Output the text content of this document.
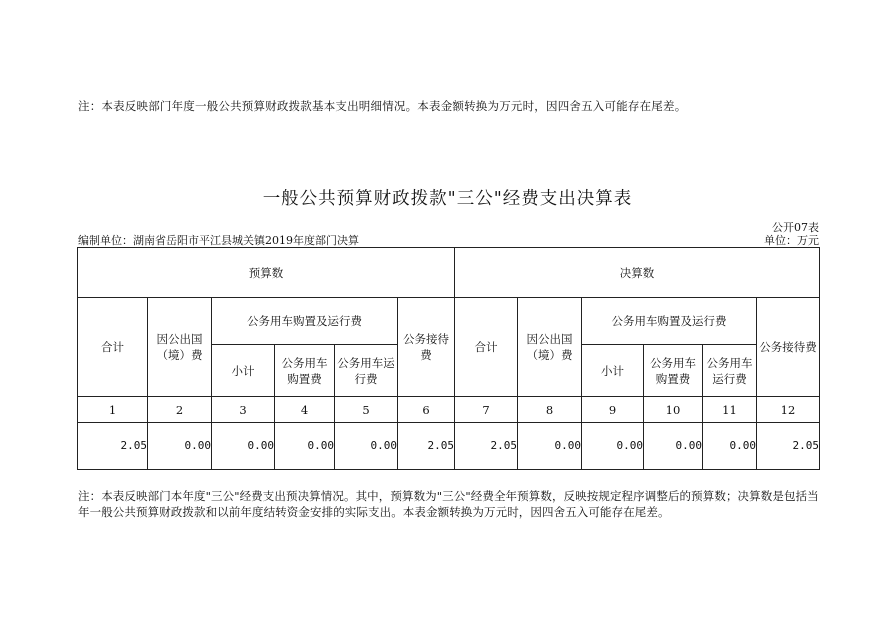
注：本表反映部门年度一般公共预算财政拨款基本支出明细情况。本表金额转换为万元时，因四舍五入可能存在尾差。
一般公共预算财政拨款"三公"经费支出决算表
公开07表
编制单位：湖南省岳阳市平江县城关镇2019年度部门决算	单位：万元
预算数						决算数					
合计	因公出国（境）费	公务用车购置及运行费			公务接待费	合计	因公出国（境）费	公务用车购置及运行费			公务接待费
		小计	公务用车购置费	公务用车运行费				小计	公务用车购置费	公务用车运行费	
1	2	3	4	5	6	7	8	9	10	11	12
2.05	0.00	0.00	0.00	0.00	2.05	2.05	0.00	0.00	0.00	0.00	2.05
注：本表反映部门本年度"三公"经费支出预决算情况。其中，预算数为"三公"经费全年预算数，反映按规定程序调整后的预算数；决算数是包括当年一般公共预算财政拨款和以前年度结转资金安排的实际支出。本表金额转换为万元时，因四舍五入可能存在尾差。
